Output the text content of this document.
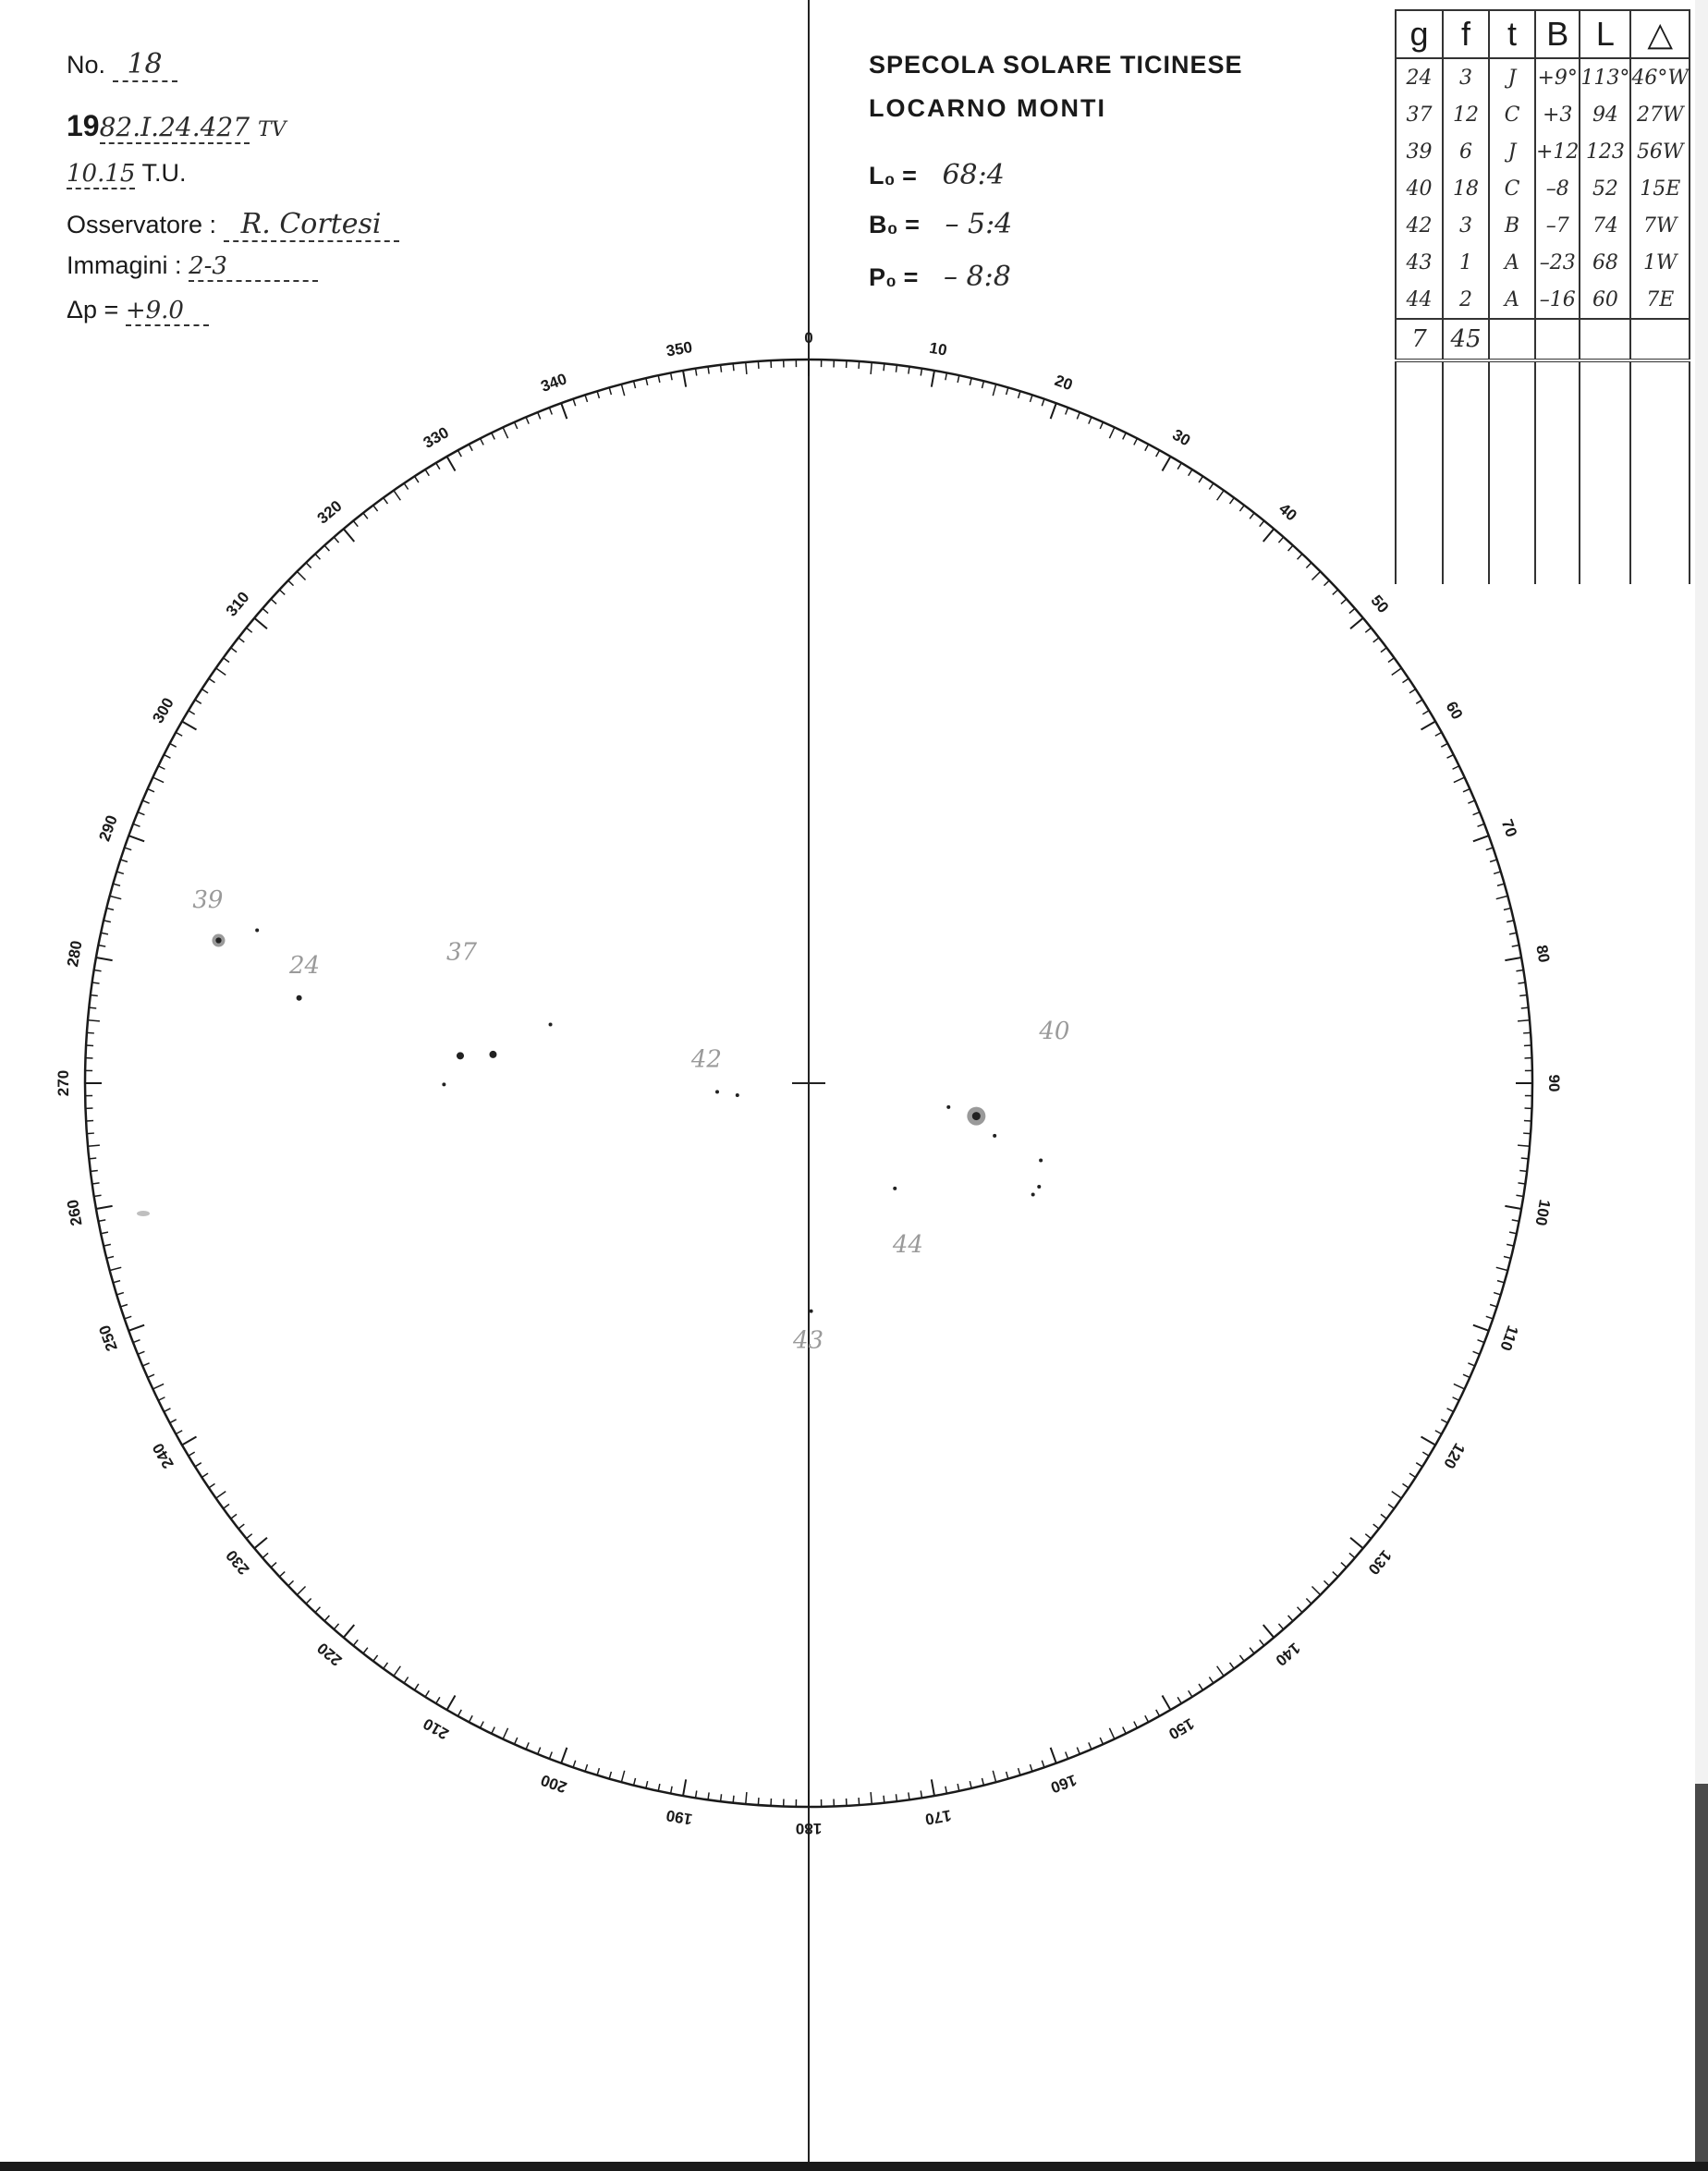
No. 18
1982.I.24.427 TV
10.15 T.U.
Osservatore : R. Cortesi
Immagini : 2-3
Δp = +9.0
SPECOLA SOLARE TICINESE
LOCARNO MONTI
L₀ = 68:4
B₀ = – 5:4
P₀ = – 8:8
g	f	t	B	L	△
24	3	J	+9°	113°	46°W
37	12	C	+3	94	27W
39	6	J	+12	123	56W
40	18	C	–8	52	15E
42	3	B	–7	74	7W
43	1	A	–23	68	1W
44	2	A	–16	60	7E
7	45				

0
10
20
30
40
50
60
70
80
90
100
110
120
130
140
150
160
170
180
190
200
210
220
230
240
250
260
270
280
290
300
310
320
330
340
350
39
24	37
42
40
44
43
